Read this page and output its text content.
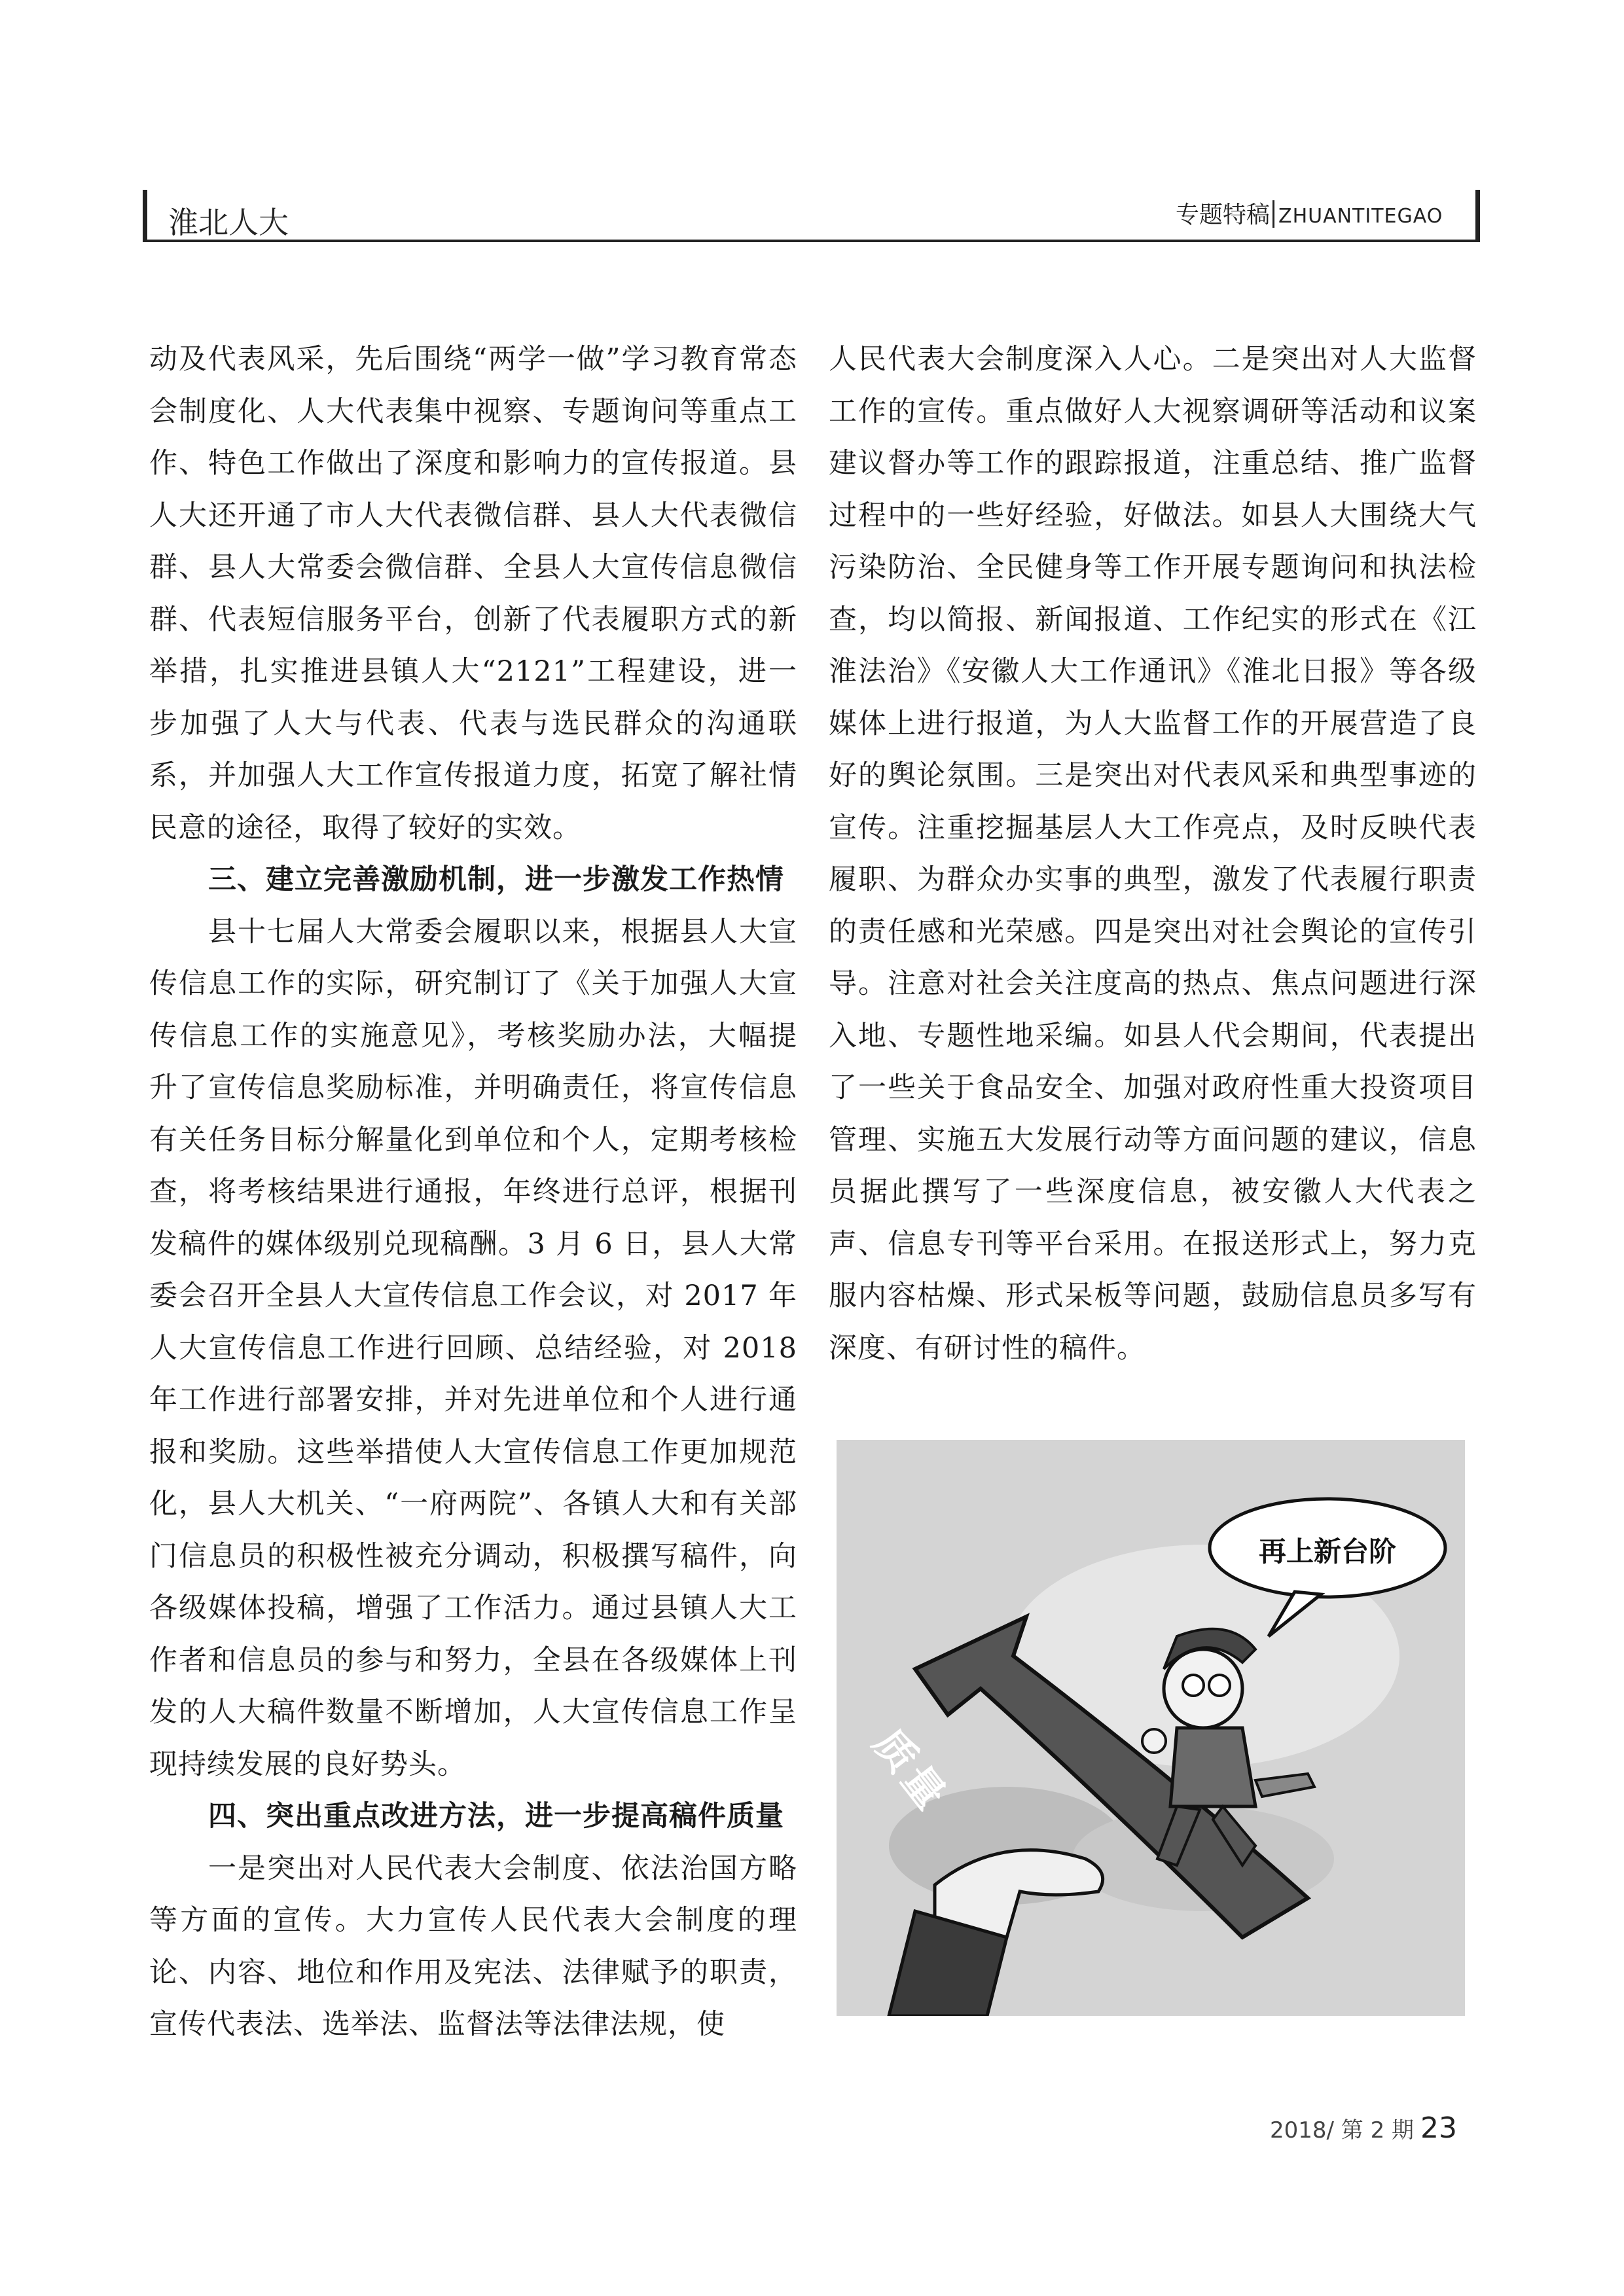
淮北人大	专题特稿 ZHUANTITEGAO

动及代表风采，先后围绕“两学一做”学习教育常态会制度化、人大代表集中视察、专题询问等重点工作、特色工作做出了深度和影响力的宣传报道。县人大还开通了市人大代表微信群、县人大代表微信群、县人大常委会微信群、全县人大宣传信息微信群、代表短信服务平台，创新了代表履职方式的新举措，扎实推进县镇人大“2121”工程建设，进一步加强了人大与代表、代表与选民群众的沟通联系，并加强人大工作宣传报道力度，拓宽了解社情民意的途径，取得了较好的实效。

三、建立完善激励机制，进一步激发工作热情

县十七届人大常委会履职以来，根据县人大宣传信息工作的实际，研究制订了《关于加强人大宣传信息工作的实施意见》，考核奖励办法，大幅提升了宣传信息奖励标准，并明确责任，将宣传信息有关任务目标分解量化到单位和个人，定期考核检查，将考核结果进行通报，年终进行总评，根据刊发稿件的媒体级别兑现稿酬。3 月 6 日，县人大常委会召开全县人大宣传信息工作会议，对 2017 年人大宣传信息工作进行回顾、总结经验，对 2018 年工作进行部署安排，并对先进单位和个人进行通报和奖励。这些举措使人大宣传信息工作更加规范化，县人大机关、“一府两院”、各镇人大和有关部门信息员的积极性被充分调动，积极撰写稿件，向各级媒体投稿，增强了工作活力。通过县镇人大工作者和信息员的参与和努力，全县在各级媒体上刊发的人大稿件数量不断增加，人大宣传信息工作呈现持续发展的良好势头。

四、突出重点改进方法，进一步提高稿件质量

一是突出对人民代表大会制度、依法治国方略等方面的宣传。大力宣传人民代表大会制度的理论、内容、地位和作用及宪法、法律赋予的职责，宣传代表法、选举法、监督法等法律法规，使

人民代表大会制度深入人心。二是突出对人大监督工作的宣传。重点做好人大视察调研等活动和议案建议督办等工作的跟踪报道，注重总结、推广监督过程中的一些好经验，好做法。如县人大围绕大气污染防治、全民健身等工作开展专题询问和执法检查，均以简报、新闻报道、工作纪实的形式在《江淮法治》《安徽人大工作通讯》《淮北日报》等各级媒体上进行报道，为人大监督工作的开展营造了良好的舆论氛围。三是突出对代表风采和典型事迹的宣传。注重挖掘基层人大工作亮点，及时反映代表履职、为群众办实事的典型，激发了代表履行职责的责任感和光荣感。四是突出对社会舆论的宣传引导。注意对社会关注度高的热点、焦点问题进行深入地、专题性地采编。如县人代会期间，代表提出了一些关于食品安全、加强对政府性重大投资项目管理、实施五大发展行动等方面问题的建议，信息员据此撰写了一些深度信息，被安徽人大代表之声、信息专刊等平台采用。在报送形式上，努力克服内容枯燥、形式呆板等问题，鼓励信息员多写有深度、有研讨性的稿件。

再上新台阶
质量
2018/ 第 2 期 23
